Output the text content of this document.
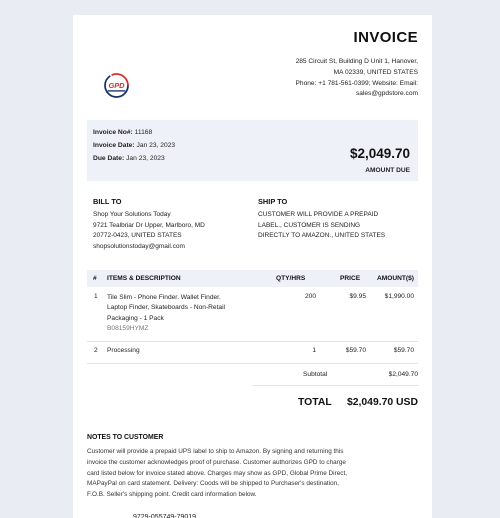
INVOICE
285 Circuit St, Building D Unit 1, Hanover,
MA 02339, UNITED STATES
Phone: +1 781-561-0399; Website: Email:
sales@gpdstore.com
GPD
Invoice No#: 11168
Invoice Date: Jan 23, 2023
Due Date: Jan 23, 2023	$2,049.70
AMOUNT DUE
BILL TO
Shop Your Solutions Today
9721 Tealbriar Dr Upper, Marlboro, MD
20772-0423, UNITED STATES
shopsolutionstoday@gmail.com
SHIP TO
CUSTOMER WILL PROVIDE A PREPAID
LABEL., CUSTOMER IS SENDING
DIRECTLY TO AMAZON., UNITED STATES
# ITEMS & DESCRIPTION	QTY/HRS	PRICE	AMOUNT($)
1 Tile Slim - Phone Finder. Wallet Finder.
Laptop Finder, Skateboards - Non-Retail
Packaging - 1 Pack
B08159HYMZ
200	$9.95	$1,990.00
2 Processing	1	$59.70	$59.70
Subtotal	$2,049.70
TOTAL $2,049.70 USD
NOTES TO CUSTOMER
Customer will provide a prepaid UPS label to ship to Amazon. By signing and returning this
invoice the customer acknowledges proof of purchase. Customer authorizes GPD to charge
card listed below for invoice stated above. Charges may show as GPD, Global Prime Direct,
MAPayPal on card statement. Delivery: Coods will be shipped to Purchaser's destination,
F.O.B. Seller's shipping point. Credit card information below.
9729-055749-79019
